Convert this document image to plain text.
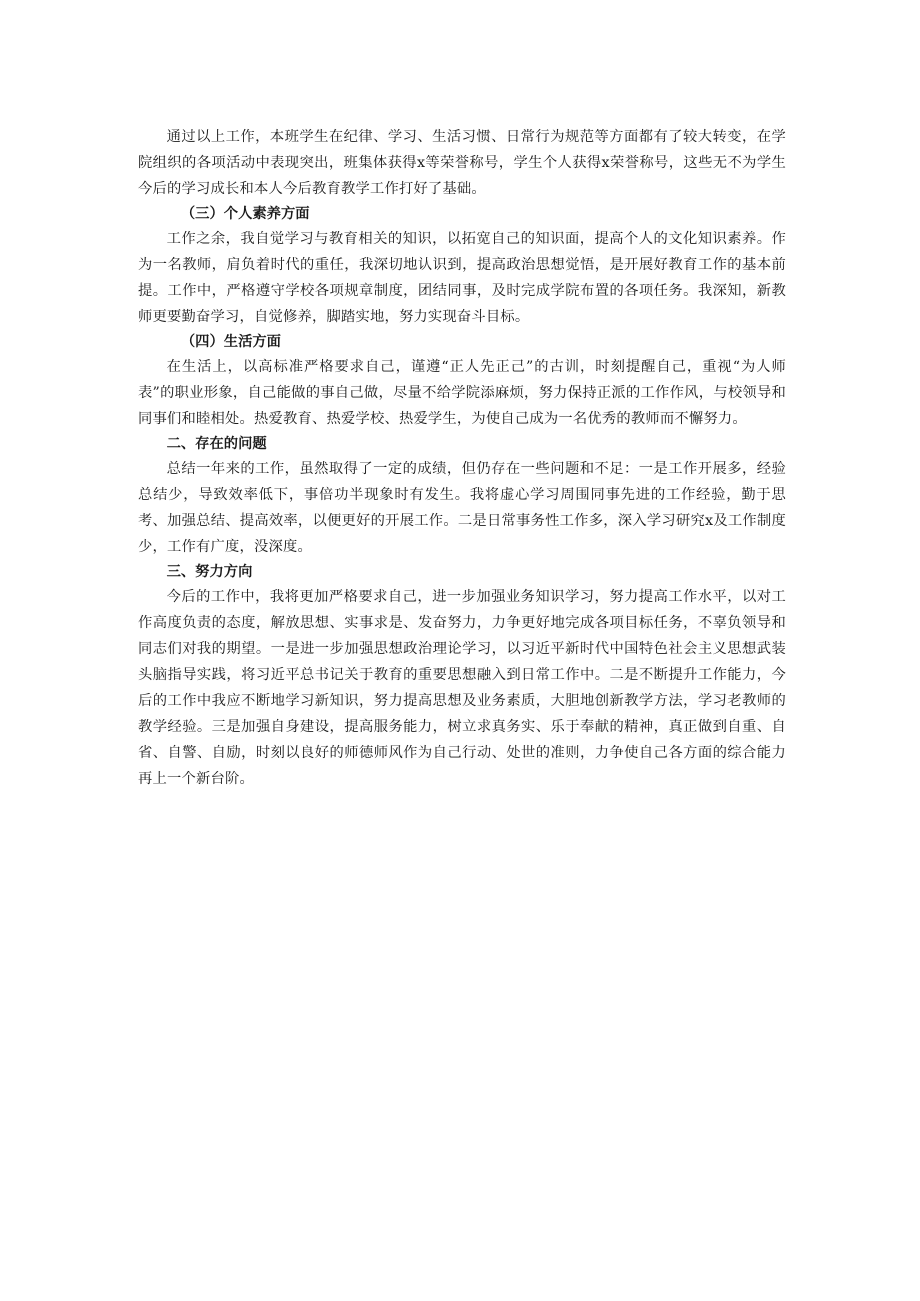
通过以上工作，本班学生在纪律、学习、生活习惯、日常行为规范等方面都有了较大转变，在学院组织的各项活动中表现突出，班集体获得x等荣誉称号，学生个人获得x荣誉称号，这些无不为学生今后的学习成长和本人今后教育教学工作打好了基础。

（三）个人素养方面

工作之余，我自觉学习与教育相关的知识，以拓宽自己的知识面，提高个人的文化知识素养。作为一名教师，肩负着时代的重任，我深切地认识到，提高政治思想觉悟，是开展好教育工作的基本前提。工作中，严格遵守学校各项规章制度，团结同事，及时完成学院布置的各项任务。我深知，新教师更要勤奋学习，自觉修养，脚踏实地，努力实现奋斗目标。

（四）生活方面

在生活上，以高标准严格要求自己，谨遵“正人先正己”的古训，时刻提醒自己，重视“为人师表”的职业形象，自己能做的事自己做，尽量不给学院添麻烦，努力保持正派的工作作风，与校领导和同事们和睦相处。热爱教育、热爱学校、热爱学生，为使自己成为一名优秀的教师而不懈努力。

二、存在的问题

总结一年来的工作，虽然取得了一定的成绩，但仍存在一些问题和不足：一是工作开展多，经验总结少，导致效率低下，事倍功半现象时有发生。我将虚心学习周围同事先进的工作经验，勤于思考、加强总结、提高效率，以便更好的开展工作。二是日常事务性工作多，深入学习研究x及工作制度少，工作有广度，没深度。

三、努力方向

今后的工作中，我将更加严格要求自己，进一步加强业务知识学习，努力提高工作水平，以对工作高度负责的态度，解放思想、实事求是、发奋努力，力争更好地完成各项目标任务，不辜负领导和同志们对我的期望。一是进一步加强思想政治理论学习，以习近平新时代中国特色社会主义思想武装头脑指导实践，将习近平总书记关于教育的重要思想融入到日常工作中。二是不断提升工作能力，今后的工作中我应不断地学习新知识，努力提高思想及业务素质，大胆地创新教学方法，学习老教师的教学经验。三是加强自身建设，提高服务能力，树立求真务实、乐于奉献的精神，真正做到自重、自省、自警、自励，时刻以良好的师德师风作为自己行动、处世的准则，力争使自己各方面的综合能力再上一个新台阶。
